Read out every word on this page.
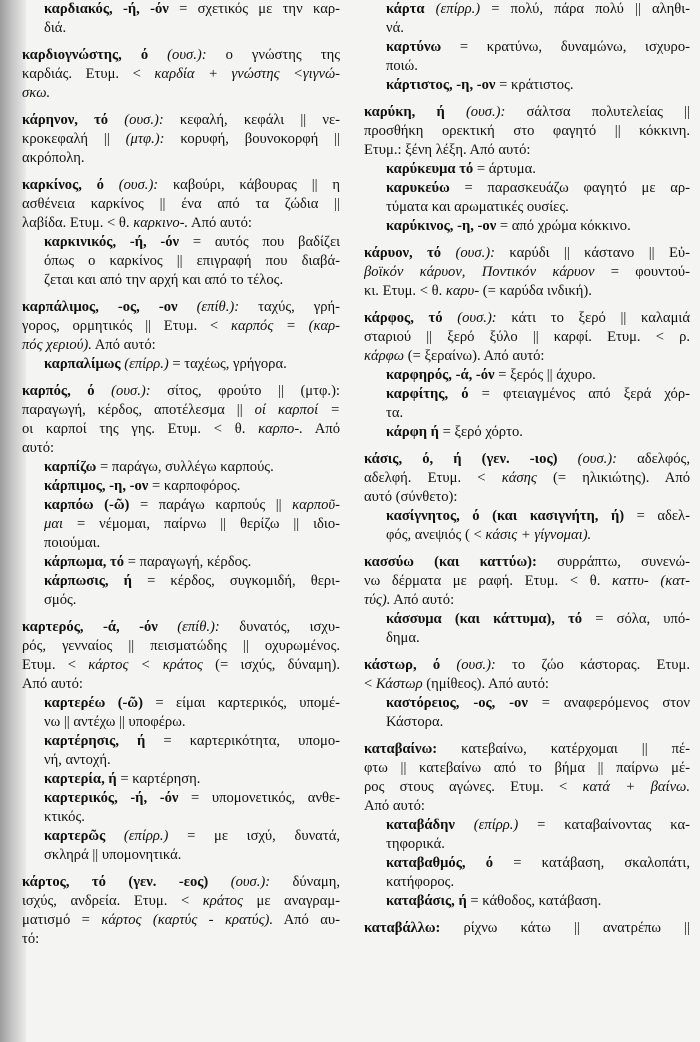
καρδιακός, -ή, -όν = σχετικός με την καρ-
διά.
καρδιογνώστης, ό (ουσ.): ο γνώστης της
καρδιάς. Ετυμ. < καρδία + γνώστης <γιγνώ-
σκω.
κάρηνον, τό (ουσ.): κεφαλή, κεφάλι || νε-
κροκεφαλή || (μτφ.): κορυφή, βουνοκορφή ||
ακρόπολη.
καρκίνος, ό (ουσ.): καβούρι, κάβουρας || η
ασθένεια καρκίνος || ένα από τα ζώδια ||
λαβίδα. Ετυμ. < θ. καρκινο-. Από αυτό:
καρκινικός, -ή, -όν = αυτός που βαδίζει
όπως ο καρκίνος || επιγραφή που διαβά-
ζεται και από την αρχή και από το τέλος.
καρπάλιμος, -ος, -ον (επίθ.): ταχύς, γρή-
γορος, ορμητικός || Ετυμ. < καρπός = (καρ-
πός χεριού). Από αυτό:
καρπαλίμως (επίρρ.) = ταχέως, γρήγορα.
καρπός, ό (ουσ.): σίτος, φρούτο || (μτφ.):
παραγωγή, κέρδος, αποτέλεσμα || οί καρποί =
οι καρποί της γης. Ετυμ. < θ. καρπο-. Από
αυτό:
καρπίζω = παράγω, συλλέγω καρπούς.
κάρπιμος, -η, -ον = καρποφόρος.
καρπόω (-ῶ) = παράγω καρπούς || καρποῦ-
μαι = νέμομαι, παίρνω || θερίζω || ιδιο-
ποιούμαι.
κάρπωμα, τό = παραγωγή, κέρδος.
κάρπωσις, ή = κέρδος, συγκομιδή, θερι-
σμός.
καρτερός, -ά, -όν (επίθ.): δυνατός, ισχυ-
ρός, γενναίος || πεισματώδης || οχυρωμένος.
Ετυμ. < κάρτος < κράτος (= ισχύς, δύναμη).
Από αυτό:
καρτερέω (-ῶ) = είμαι καρτερικός, υπομέ-
νω || αντέχω || υποφέρω.
καρτέρησις, ή = καρτερικότητα, υπομο-
νή, αντοχή.
καρτερία, ή = καρτέρηση.
καρτερικός, -ή, -όν = υπομονετικός, ανθε-
κτικός.
καρτερῶς (επίρρ.) = με ισχύ, δυνατά,
σκληρά || υπομονητικά.
κάρτος, τό (γεν. -εος) (ουσ.): δύναμη,
ισχύς, ανδρεία. Ετυμ. < κράτος με αναγραμ-
ματισμό = κάρτος (καρτύς - κρατύς). Από αυ-
τό:
κάρτα (επίρρ.) = πολύ, πάρα πολύ || αληθι-
νά.
καρτύνω = κρατύνω, δυναμώνω, ισχυρο-
ποιώ.
κάρτιστος, -η, -ον = κράτιστος.
καρύκη, ή (ουσ.): σάλτσα πολυτελείας ||
προσθήκη ορεκτική στο φαγητό || κόκκινη.
Ετυμ.: ξένη λέξη. Από αυτό:
καρύκευμα τό = άρτυμα.
καρυκεύω = παρασκευάζω φαγητό με αρ-
τύματα και αρωματικές ουσίες.
καρύκινος, -η, -ον = από χρώμα κόκκινο.
κάρυον, τό (ουσ.): καρύδι || κάστανο || Εὐ-
βοϊκόν κάρυον, Ποντικόν κάρυον = φουντού-
κι. Ετυμ. < θ. καρυ- (= καρύδα ινδική).
κάρφος, τό (ουσ.): κάτι το ξερό || καλαμιά
σταριού || ξερό ξύλο || καρφί. Ετυμ. < ρ.
κάρφω (= ξεραίνω). Από αυτό:
καρφηρός, -ά, -όν = ξερός || άχυρο.
καρφίτης, ό = φτειαγμένος από ξερά χόρ-
τα.
κάρφη ή = ξερό χόρτο.
κάσις, ό, ή (γεν. -ιος) (ουσ.): αδελφός,
αδελφή. Ετυμ. < κάσης (= ηλικιώτης). Από
αυτό (σύνθετο):
κασίγνητος, ό (και κασιγνήτη, ή) = αδελ-
φός, ανεψιός ( < κάσις + γίγνομαι).
κασσύω (και καττύω): συρράπτω, συνενώ-
νω δέρματα με ραφή. Ετυμ. < θ. καττυ- (κατ-
τύς). Από αυτό:
κάσσυμα (και κάττυμα), τό = σόλα, υπό-
δημα.
κάστωρ, ό (ουσ.): το ζώο κάστορας. Ετυμ.
< Κάστωρ (ημίθεος). Από αυτό:
καστόρειος, -ος, -ον = αναφερόμενος στον
Κάστορα.
καταβαίνω: κατεβαίνω, κατέρχομαι || πέ-
φτω || κατεβαίνω από το βήμα || παίρνω μέ-
ρος στους αγώνες. Ετυμ. < κατά + βαίνω.
Από αυτό:
καταβάδην (επίρρ.) = καταβαίνοντας κα-
τηφορικά.
καταβαθμός, ό = κατάβαση, σκαλοπάτι,
κατήφορος.
καταβάσις, ή = κάθοδος, κατάβαση.
καταβάλλω: ρίχνω κάτω || ανατρέπω ||
